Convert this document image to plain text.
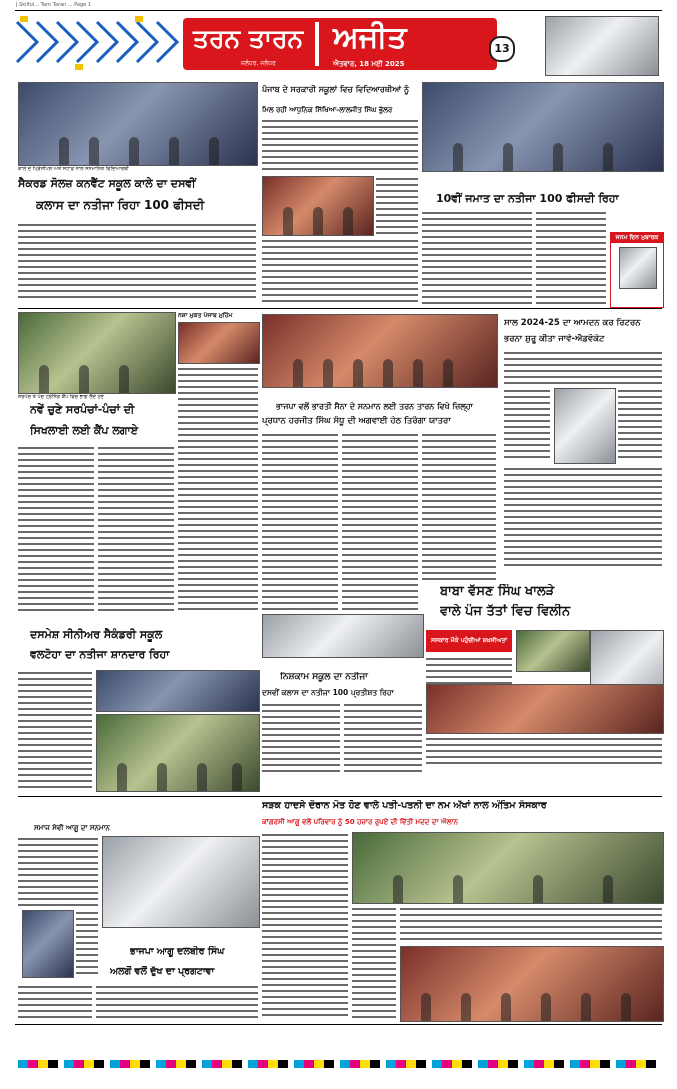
J.Skilful... Tarn Taran ... Page 1
ਤਰਨ ਤਾਰਨ ਅਜੀਤ
ਜਲੰਧਰ, ਜਲੰਧਰ	ਐਤਵਾਰ, 18 ਮਈ 2025
13
ਕਾਲੇ ਦੇ ਪ੍ਰਿੰਸੀਪਲ ਅਤੇ ਸਟਾਫ਼ ਨਾਲ ਸਨਮਾਨਿਤ ਵਿਦਿਆਰਥੀ
ਸੈਕਰਡ ਸੋਲਜ਼ ਕਨਵੈਂਟ ਸਕੂਲ ਕਾਲੇ ਦਾ ਦਸਵੀਂ
ਕਲਾਸ ਦਾ ਨਤੀਜਾ ਰਿਹਾ 100 ਫੀਸਦੀ
ਪੰਜਾਬ ਦੇ ਸਰਕਾਰੀ ਸਕੂਲਾਂ ਵਿਚ ਵਿਦਿਆਰਥੀਆਂ ਨੂੰ
ਮਿਲ ਰਹੀ ਆਧੁਨਿਕ ਸਿੱਖਿਆ-ਲਾਲਜੀਤ ਸਿੰਘ ਭੁੱਲਰ
10ਵੀਂ ਜਮਾਤ ਦਾ ਨਤੀਜਾ 100 ਫੀਸਦੀ ਰਿਹਾ
ਜਨਮ ਦਿਨ ਮੁਬਾਰਕ
ਸਰਪੰਚ ਤੇ ਪੰਚ ਟ੍ਰੇਨਿੰਗ ਕੈਂਪ ਵਿਚ ਭਾਗ ਲੈਂਦੇ ਹੋਏ
ਨਵੇਂ ਚੁਣੇ ਸਰਪੰਚਾਂ-ਪੰਚਾਂ ਦੀ
ਸਿਖਲਾਈ ਲਈ ਕੈਂਪ ਲਗਾਏ
ਨਸ਼ਾ ਮੁਕਤ ਪੰਜਾਬ ਮੁਹਿੰਮ
ਭਾਜਪਾ ਵਲੋਂ ਭਾਰਤੀ ਸੈਨਾ ਦੇ ਸਨਮਾਨ ਲਈ ਤਰਨ ਤਾਰਨ ਵਿਖੇ ਜ਼ਿਲ੍ਹਾ
ਪ੍ਰਧਾਨ ਹਰਜੀਤ ਸਿੰਘ ਸੰਧੂ ਦੀ ਅਗਵਾਈ ਹੇਠ ਤਿਰੰਗਾ ਯਾਤਰਾ
ਸਾਲ 2024-25 ਦਾ ਆਮਦਨ ਕਰ ਰਿਟਰਨ
ਭਰਨਾ ਸ਼ੁਰੂ ਕੀਤਾ ਜਾਵੇ-ਐਡਵੋਕੇਟ
ਬਾਬਾ ਵੱਸਣ ਸਿੰਘ ਖਾਲੜੇ
ਵਾਲੇ ਪੰਜ ਤੱਤਾਂ ਵਿਚ ਵਿਲੀਨ
ਸਸਕਾਰ ਮੌਕੇ ਪਹੁੰਚੀਆਂ ਸ਼ਖ਼ਸੀਅਤਾਂ
ਦਸਮੇਸ਼ ਸੀਨੀਅਰ ਸੈਕੰਡਰੀ ਸਕੂਲ
ਵਲਟੋਹਾ ਦਾ ਨਤੀਜਾ ਸ਼ਾਨਦਾਰ ਰਿਹਾ
ਨਿਸ਼ਕਾਮ ਸਕੂਲ ਦਾ ਨਤੀਜਾ
ਦਸਵੀਂ ਕਲਾਸ ਦਾ ਨਤੀਜਾ 100 ਪ੍ਰਤੀਸ਼ਤ ਰਿਹਾ
ਸੜਕ ਹਾਦਸੇ ਦੌਰਾਨ ਮੌਤ ਹੋਣ ਵਾਲੇ ਪਤੀ-ਪਤਨੀ ਦਾ ਨਮ ਅੱਖਾਂ ਨਾਲ ਅੰਤਿਮ ਸੰਸਕਾਰ
ਕਾਂਗਰਸੀ ਆਗੂ ਵਲੋਂ ਪਰਿਵਾਰ ਨੂੰ 50 ਹਜ਼ਾਰ ਰੁਪਏ ਦੀ ਵਿੱਤੀ ਮਦਦ ਦਾ ਐਲਾਨ
ਸਮਾਜ ਸੇਵੀ ਆਗੂ ਦਾ ਸਨਮਾਨ
ਭਾਜਪਾ ਆਗੂ ਦਲਬੀਰ ਸਿੰਘ
ਅਲਗੋਂ ਵਲੋਂ ਦੁੱਖ ਦਾ ਪ੍ਰਗਟਾਵਾ
